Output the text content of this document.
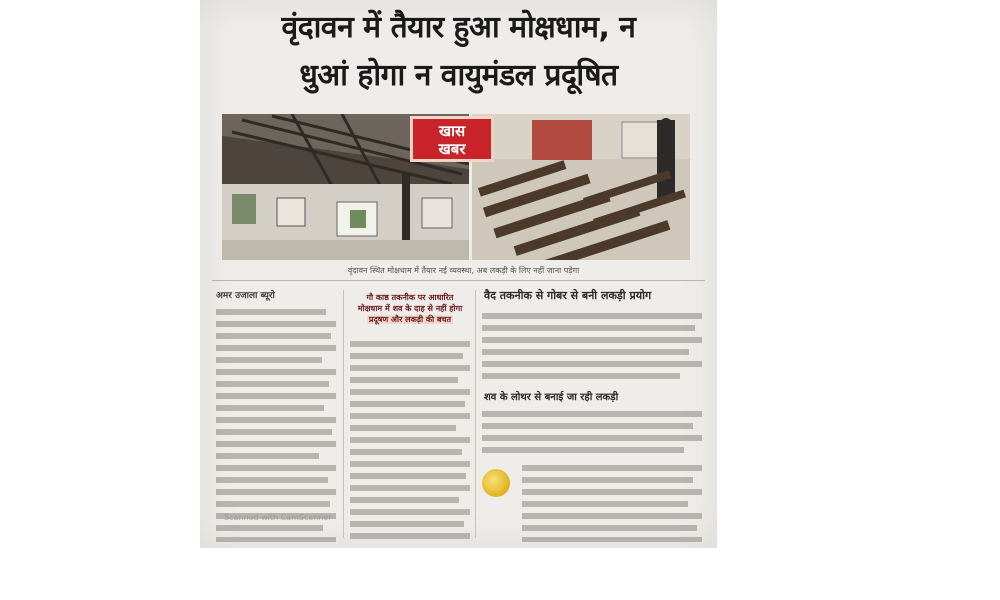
वृंदावन में तैयार हुआ मोक्षधाम, न
धुआं होगा न वायुमंडल प्रदूषित
खास
खबर
वृंदावन स्थित मोक्षधाम में तैयार नई व्यवस्था, अब लकड़ी के लिए नहीं जाना पड़ेगा
अमर उजाला ब्यूरो	गौ काष्ठ तकनीक पर आधारित मोक्षधाम में शव के दाह से नहीं होगा
प्रदूषण और लकड़ी की बचत
वैद तकनीक से गोबर से बनी लकड़ी प्रयोग
शव के लोथर से बनाई जा रही लकड़ी
Scanned with CamScanner
